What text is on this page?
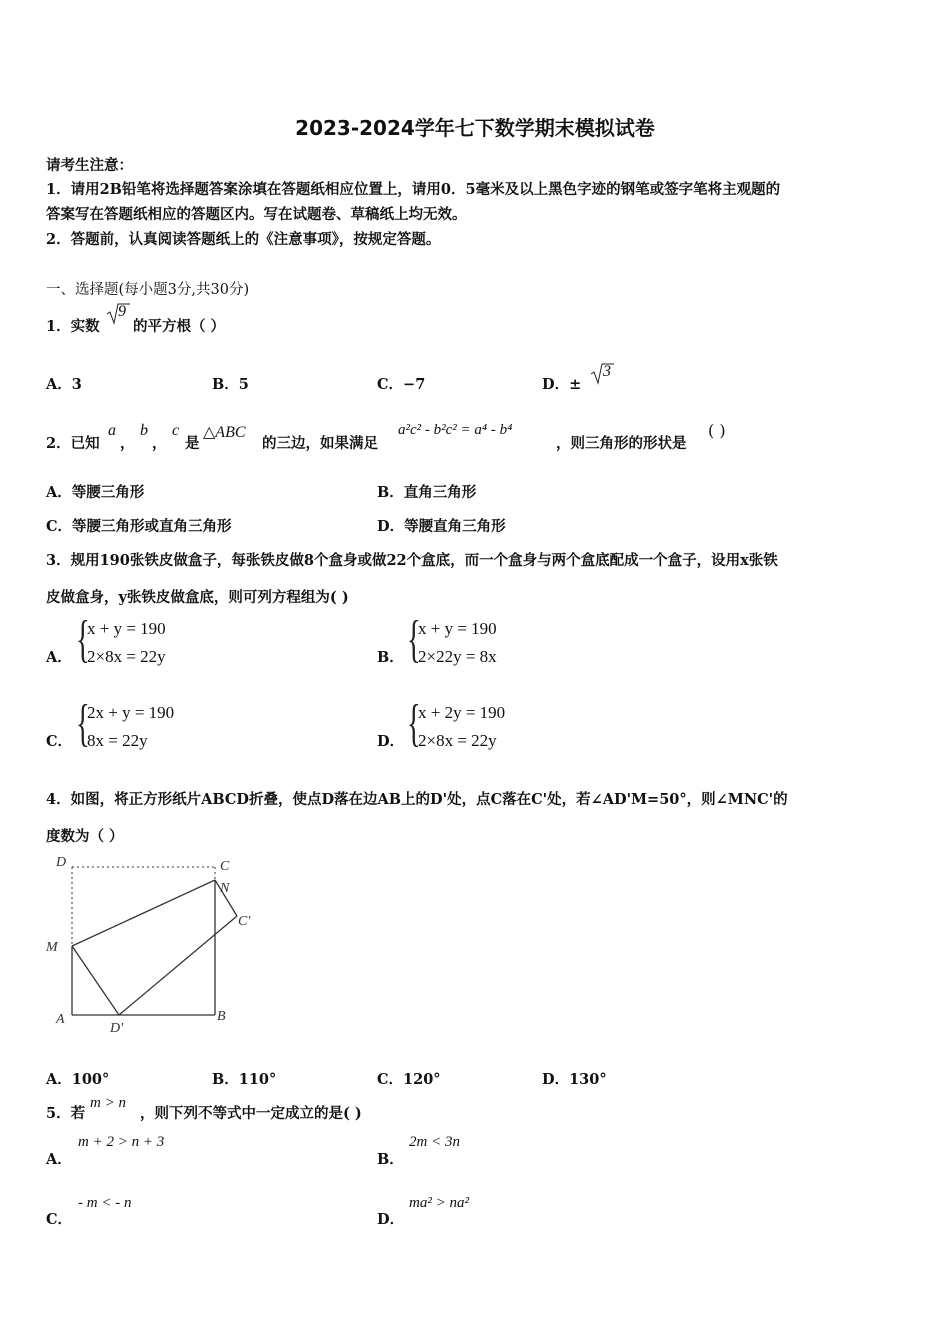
2023-2024学年七下数学期末模拟试卷
请考生注意：
1．请用2B铅笔将选择题答案涂填在答题纸相应位置上，请用0．5毫米及以上黑色字迹的钢笔或签字笔将主观题的
答案写在答题纸相应的答题区内。写在试题卷、草稿纸上均无效。
2．答题前，认真阅读答题纸上的《注意事项》，按规定答题。
一、选择题(每小题3分,共30分)
1．实数
9
的平方根（ ）
A．3	B．5	C．−7	D．±
3
2．已知
a
，
b
，
c
是
△ABC
的三边，如果满足
a²c² - b²c² = a⁴ - b⁴
，则三角形的形状是
( )
A．等腰三角形	B．直角三角形
C．等腰三角形或直角三角形	D．等腰直角三角形
3．规用190张铁皮做盒子，每张铁皮做8个盒身或做22个盒底，而一个盒身与两个盒底配成一个盒子，设用x张铁
皮做盒身，y张铁皮做盒底，则可列方程组为( )
A． {
x + y = 190
2×8x = 22y	B． {
x + y = 190
2×22y = 8x
C． {
2x + y = 190
8x = 22y	D． {
x + 2y = 190
2×8x = 22y
4．如图，将正方形纸片ABCD折叠，使点D落在边AB上的D'处，点C落在C'处，若∠AD'M=50°，则∠MNC'的
度数为（ ）
D	C
N
C′
M
A
D′
B
A．100°	B．110°	C．120°	D．130°
5．若
m > n
，则下列不等式中一定成立的是( )
A．
m + 2 > n + 3
B．
2m < 3n
C．
- m < - n
D．
ma² > na²
